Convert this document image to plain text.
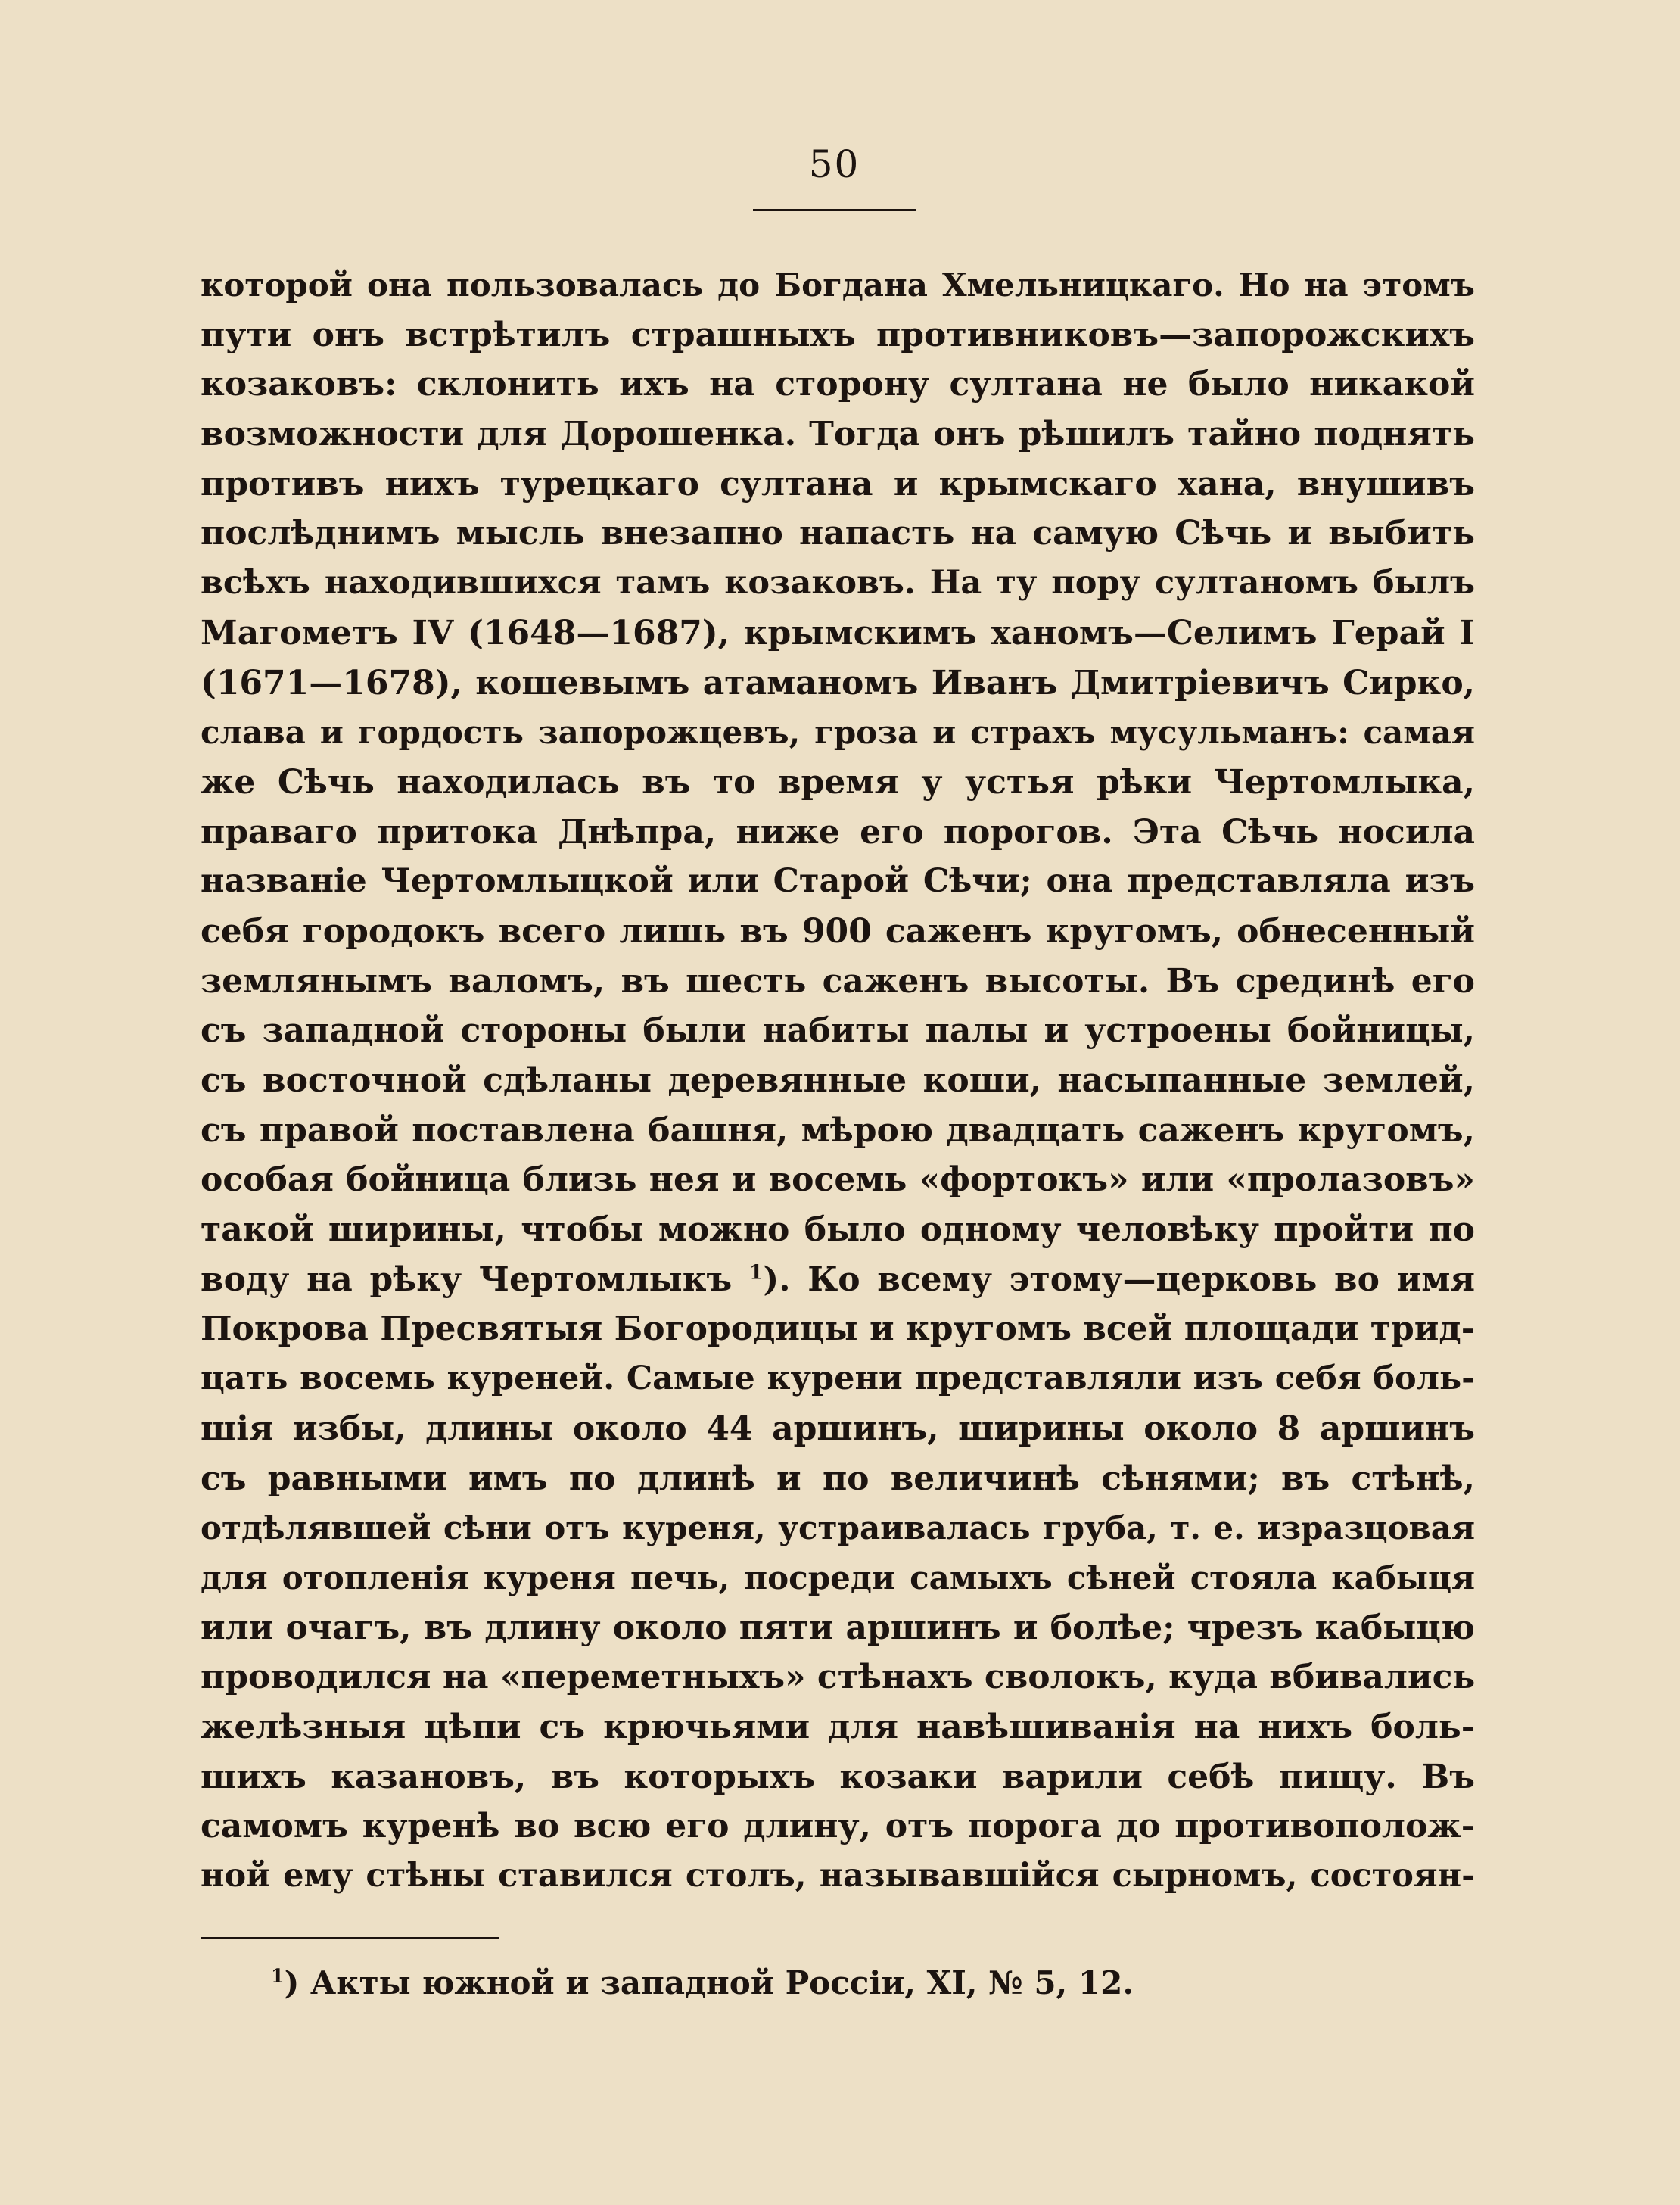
50
которой она пользовалась до Богдана Хмельницкаго. Но на этомъ
пути онъ встрѣтилъ страшныхъ противниковъ—запорожскихъ
козаковъ: склонить ихъ на сторону султана не было никакой
возможности для Дорошенка. Тогда онъ рѣшилъ тайно поднять
противъ нихъ турецкаго султана и крымскаго хана, внушивъ
послѣднимъ мысль внезапно напасть на самую Сѣчь и выбить
всѣхъ находившихся тамъ козаковъ. На ту пору султаномъ былъ
Магометъ IV (1648—1687), крымскимъ ханомъ—Селимъ Герай I
(1671—1678), кошевымъ атаманомъ Иванъ Дмитріевичъ Сирко,
слава и гордость запорожцевъ, гроза и страхъ мусульманъ: самая
же Сѣчь находилась въ то время у устья рѣки Чертомлыка,
праваго притока Днѣпра, ниже его порогов. Эта Сѣчь носила
названіе Чертомлыцкой или Старой Сѣчи; она представляла изъ
себя городокъ всего лишь въ 900 саженъ кругомъ, обнесенный
землянымъ валомъ, въ шесть саженъ высоты. Въ срединѣ его
съ западной стороны были набиты палы и устроены бойницы,
съ восточной сдѣланы деревянные коши, насыпанные землей,
съ правой поставлена башня, мѣрою двадцать саженъ кругомъ,
особая бойница близь нея и восемь «фортокъ» или «пролазовъ»
такой ширины, чтобы можно было одному человѣку пройти по
воду на рѣку Чертомлыкъ $^1$). Ко всему этому—церковь во имя
Покрова Пресвятыя Богородицы и кругомъ всей площади трид-
цать восемь куреней. Самые курени представляли изъ себя боль-
шія избы, длины около 44 аршинъ, ширины около 8 аршинъ
съ равными имъ по длинѣ и по величинѣ сѣнями; въ стѣнѣ,
отдѣлявшей сѣни отъ куреня, устраивалась груба, т. е. изразцовая
для отопленія куреня печь, посреди самыхъ сѣней стояла кабыця
или очагъ, въ длину около пяти аршинъ и болѣе; чрезъ кабыцю
проводился на «переметныхъ» стѣнахъ сволокъ, куда вбивались
желѣзныя цѣпи съ крючьями для навѣшиванія на нихъ боль-
шихъ казановъ, въ которыхъ козаки варили себѣ пищу. Въ
самомъ куренѣ во всю его длину, отъ порога до противополож-
ной ему стѣны ставился столъ, называвшійся сырномъ, состоян-
$^1$) Акты южной и западной Россіи, XI, № 5, 12.
